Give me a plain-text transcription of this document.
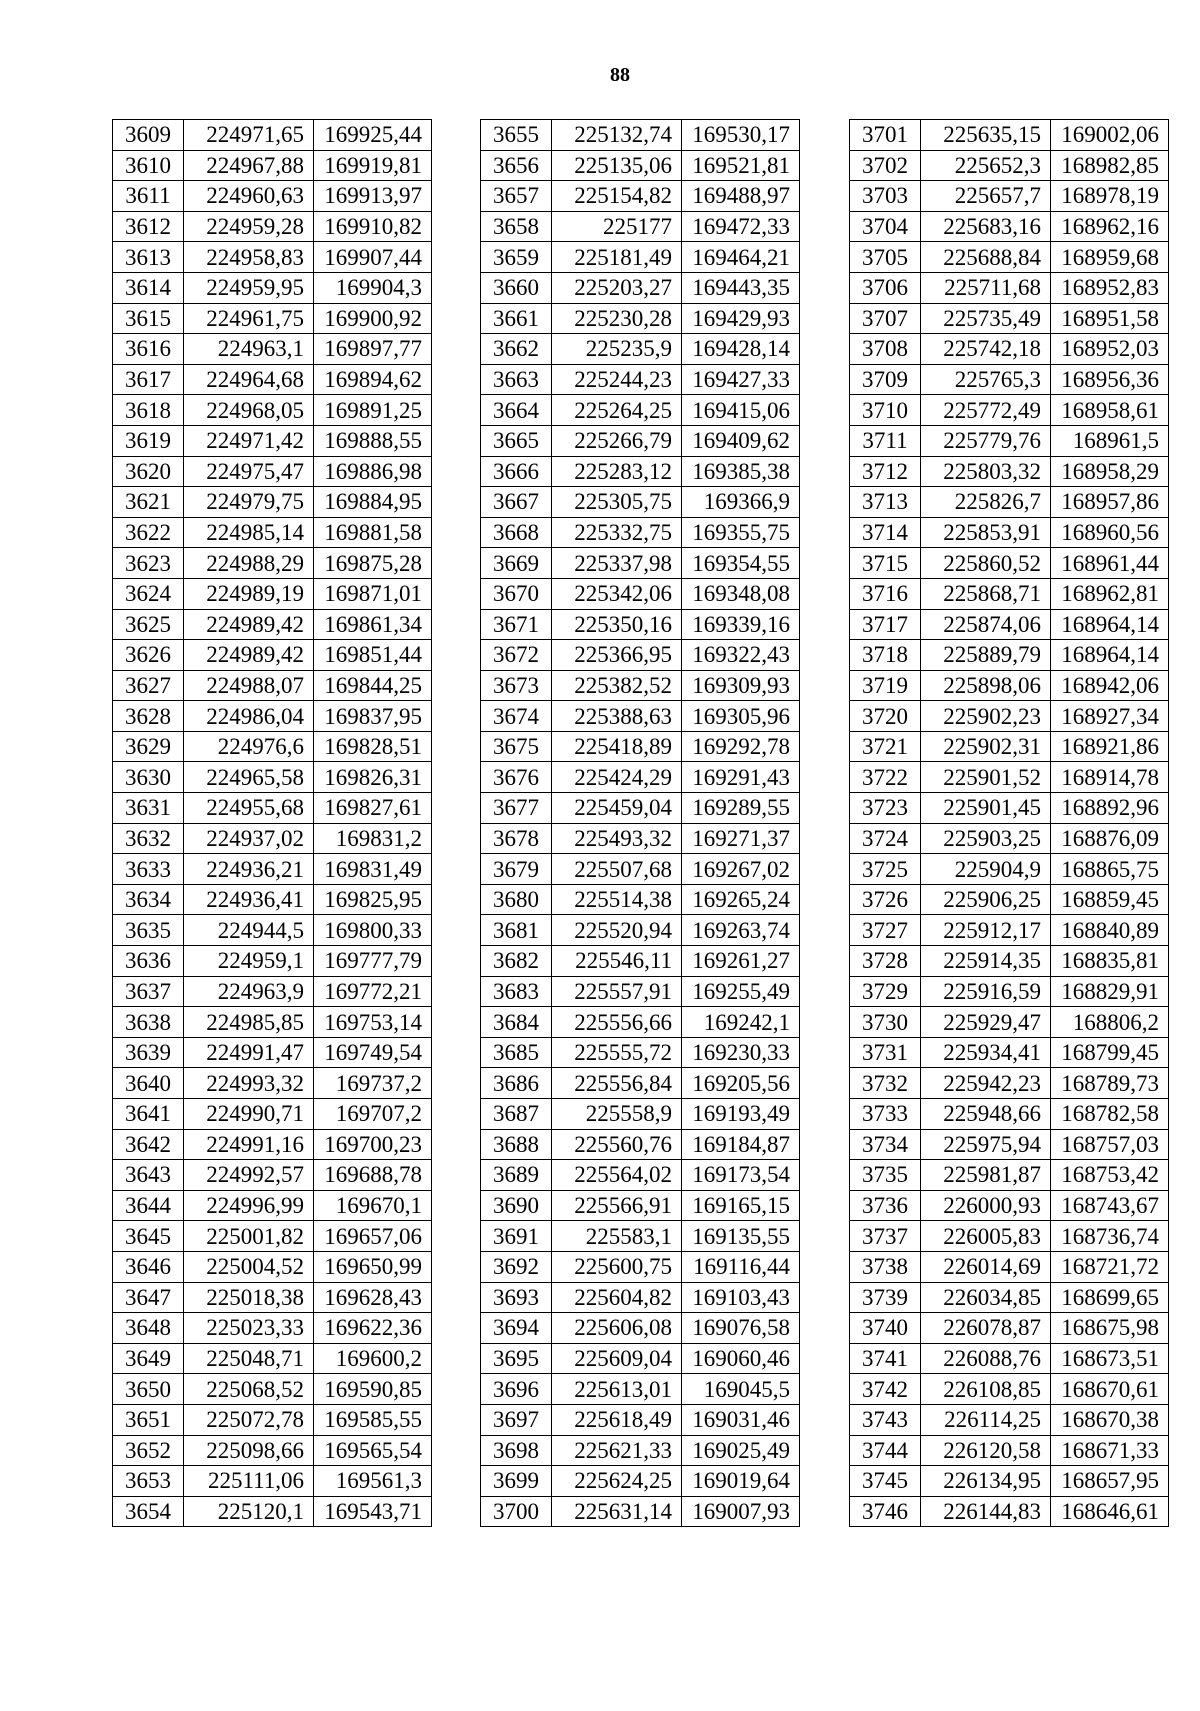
88
3609	224971,65	169925,44
3610	224967,88	169919,81
3611	224960,63	169913,97
3612	224959,28	169910,82
3613	224958,83	169907,44
3614	224959,95	169904,3
3615	224961,75	169900,92
3616	224963,1	169897,77
3617	224964,68	169894,62
3618	224968,05	169891,25
3619	224971,42	169888,55
3620	224975,47	169886,98
3621	224979,75	169884,95
3622	224985,14	169881,58
3623	224988,29	169875,28
3624	224989,19	169871,01
3625	224989,42	169861,34
3626	224989,42	169851,44
3627	224988,07	169844,25
3628	224986,04	169837,95
3629	224976,6	169828,51
3630	224965,58	169826,31
3631	224955,68	169827,61
3632	224937,02	169831,2
3633	224936,21	169831,49
3634	224936,41	169825,95
3635	224944,5	169800,33
3636	224959,1	169777,79
3637	224963,9	169772,21
3638	224985,85	169753,14
3639	224991,47	169749,54
3640	224993,32	169737,2
3641	224990,71	169707,2
3642	224991,16	169700,23
3643	224992,57	169688,78
3644	224996,99	169670,1
3645	225001,82	169657,06
3646	225004,52	169650,99
3647	225018,38	169628,43
3648	225023,33	169622,36
3649	225048,71	169600,2
3650	225068,52	169590,85
3651	225072,78	169585,55
3652	225098,66	169565,54
3653	225111,06	169561,3
3654	225120,1	169543,71
3655	225132,74	169530,17
3656	225135,06	169521,81
3657	225154,82	169488,97
3658	225177	169472,33
3659	225181,49	169464,21
3660	225203,27	169443,35
3661	225230,28	169429,93
3662	225235,9	169428,14
3663	225244,23	169427,33
3664	225264,25	169415,06
3665	225266,79	169409,62
3666	225283,12	169385,38
3667	225305,75	169366,9
3668	225332,75	169355,75
3669	225337,98	169354,55
3670	225342,06	169348,08
3671	225350,16	169339,16
3672	225366,95	169322,43
3673	225382,52	169309,93
3674	225388,63	169305,96
3675	225418,89	169292,78
3676	225424,29	169291,43
3677	225459,04	169289,55
3678	225493,32	169271,37
3679	225507,68	169267,02
3680	225514,38	169265,24
3681	225520,94	169263,74
3682	225546,11	169261,27
3683	225557,91	169255,49
3684	225556,66	169242,1
3685	225555,72	169230,33
3686	225556,84	169205,56
3687	225558,9	169193,49
3688	225560,76	169184,87
3689	225564,02	169173,54
3690	225566,91	169165,15
3691	225583,1	169135,55
3692	225600,75	169116,44
3693	225604,82	169103,43
3694	225606,08	169076,58
3695	225609,04	169060,46
3696	225613,01	169045,5
3697	225618,49	169031,46
3698	225621,33	169025,49
3699	225624,25	169019,64
3700	225631,14	169007,93
3701	225635,15	169002,06
3702	225652,3	168982,85
3703	225657,7	168978,19
3704	225683,16	168962,16
3705	225688,84	168959,68
3706	225711,68	168952,83
3707	225735,49	168951,58
3708	225742,18	168952,03
3709	225765,3	168956,36
3710	225772,49	168958,61
3711	225779,76	168961,5
3712	225803,32	168958,29
3713	225826,7	168957,86
3714	225853,91	168960,56
3715	225860,52	168961,44
3716	225868,71	168962,81
3717	225874,06	168964,14
3718	225889,79	168964,14
3719	225898,06	168942,06
3720	225902,23	168927,34
3721	225902,31	168921,86
3722	225901,52	168914,78
3723	225901,45	168892,96
3724	225903,25	168876,09
3725	225904,9	168865,75
3726	225906,25	168859,45
3727	225912,17	168840,89
3728	225914,35	168835,81
3729	225916,59	168829,91
3730	225929,47	168806,2
3731	225934,41	168799,45
3732	225942,23	168789,73
3733	225948,66	168782,58
3734	225975,94	168757,03
3735	225981,87	168753,42
3736	226000,93	168743,67
3737	226005,83	168736,74
3738	226014,69	168721,72
3739	226034,85	168699,65
3740	226078,87	168675,98
3741	226088,76	168673,51
3742	226108,85	168670,61
3743	226114,25	168670,38
3744	226120,58	168671,33
3745	226134,95	168657,95
3746	226144,83	168646,61
